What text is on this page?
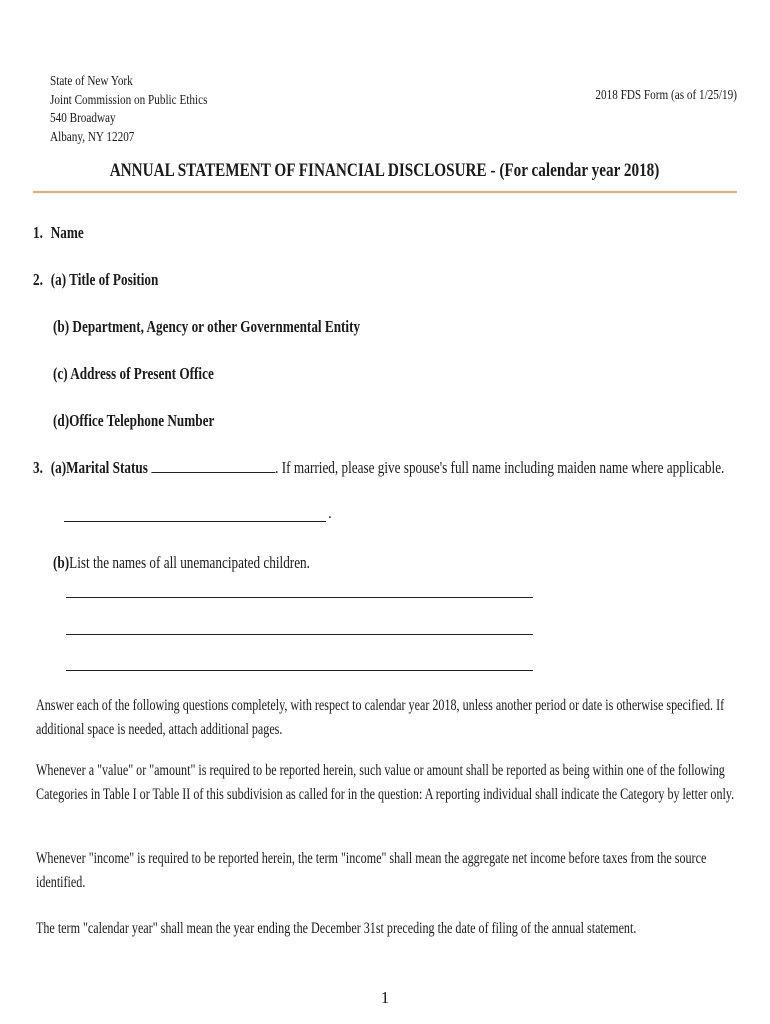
State of New York
Joint Commission on Public Ethics
540 Broadway
Albany, NY 12207
2018 FDS Form (as of 1/25/19)
ANNUAL STATEMENT OF FINANCIAL DISCLOSURE - (For calendar year 2018)
1. Name
2. (a) Title of Position
(b) Department, Agency or other Governmental Entity
(c) Address of Present Office
(d)Office Telephone Number
3. (a)Marital Status	. If married, please give spouse's full name including maiden name where applicable.
.
(b)List the names of all unemancipated children.

Answer each of the following questions completely, with respect to calendar year 2018, unless another period or date is otherwise specified. If additional space is needed, attach additional pages.

Whenever a "value" or "amount" is required to be reported herein, such value or amount shall be reported as being within one of the following Categories in Table I or Table II of this subdivision as called for in the question: A reporting individual shall indicate the Category by letter only.

Whenever "income" is required to be reported herein, the term "income" shall mean the aggregate net income before taxes from the source identified.

The term "calendar year" shall mean the year ending the December 31st preceding the date of filing of the annual statement.

1
